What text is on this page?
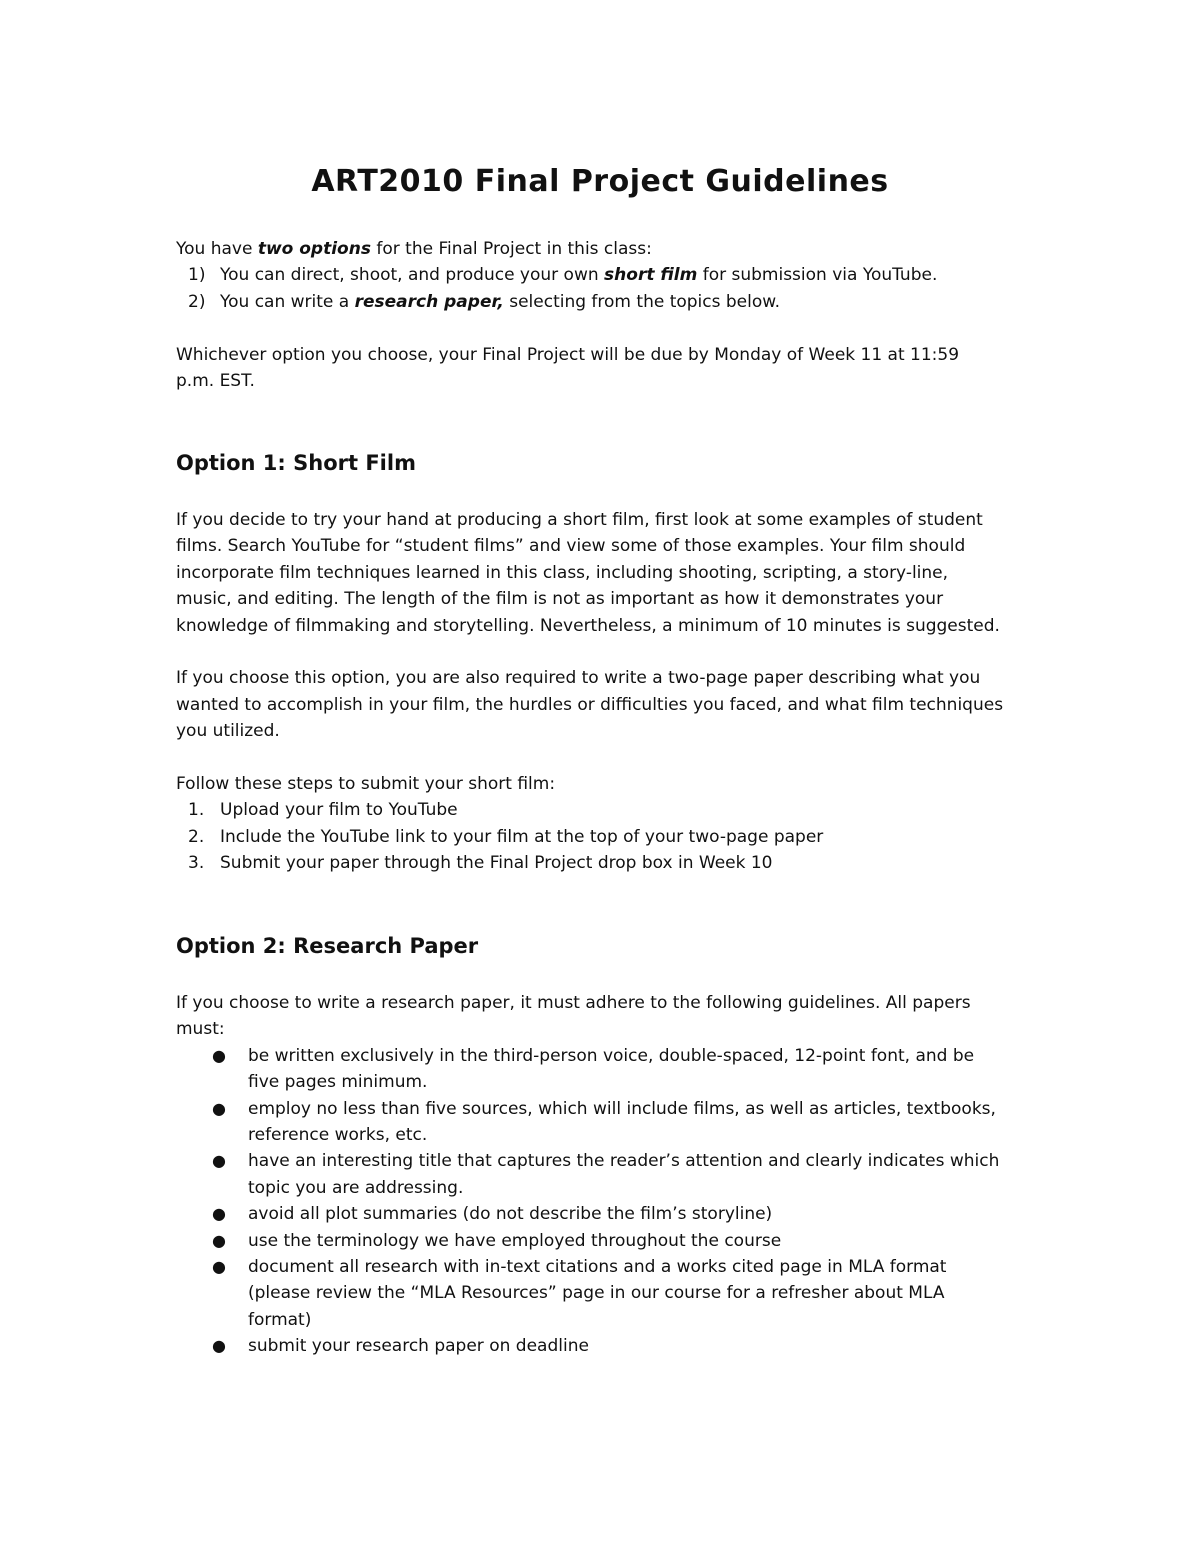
ART2010 Final Project Guidelines

You have two options for the Final Project in this class:

1) You can direct, shoot, and produce your own short film for submission via YouTube.
2) You can write a research paper, selecting from the topics below.

Whichever option you choose, your Final Project will be due by Monday of Week 11 at 11:59

p.m. EST.

Option 1: Short Film

If you decide to try your hand at producing a short film, first look at some examples of student

films. Search YouTube for “student films” and view some of those examples. Your film should

incorporate film techniques learned in this class, including shooting, scripting, a story-line,

music, and editing. The length of the film is not as important as how it demonstrates your

knowledge of filmmaking and storytelling. Nevertheless, a minimum of 10 minutes is suggested.

If you choose this option, you are also required to write a two-page paper describing what you

wanted to accomplish in your film, the hurdles or difficulties you faced, and what film techniques

you utilized.

Follow these steps to submit your short film:

1. Upload your film to YouTube
2. Include the YouTube link to your film at the top of your two-page paper
3. Submit your paper through the Final Project drop box in Week 10
Option 2: Research Paper

If you choose to write a research paper, it must adhere to the following guidelines. All papers

must:

●	be written exclusively in the third-person voice, double-spaced, 12-point font, and be
five pages minimum.
●	employ no less than five sources, which will include films, as well as articles, textbooks,
reference works, etc.
●	have an interesting title that captures the reader’s attention and clearly indicates which
topic you are addressing.
●	avoid all plot summaries (do not describe the film’s storyline)
●	use the terminology we have employed throughout the course
●	document all research with in-text citations and a works cited page in MLA format
(please review the “MLA Resources” page in our course for a refresher about MLA
format)
●	submit your research paper on deadline
